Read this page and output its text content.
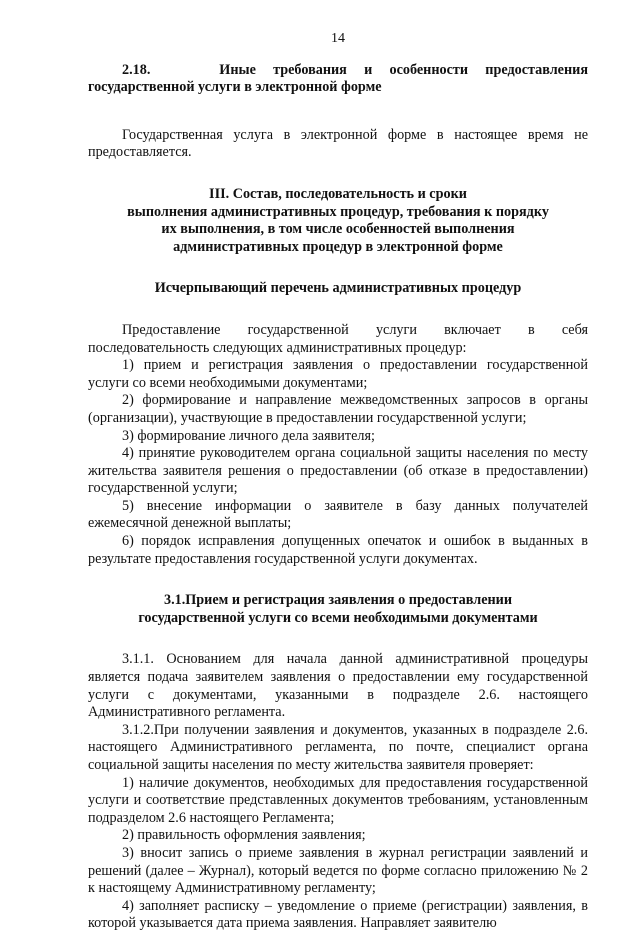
14

2.18.	Иные требования и особенности предоставления государственной услуги в электронной форме

Государственная услуга в электронной форме в настоящее время не предоставляется.

III. Состав, последовательность и сроки

выполнения административных процедур, требования к порядку

их выполнения, в том числе особенностей выполнения

административных процедур в электронной форме

Исчерпывающий перечень административных процедур

Предоставление государственной услуги включает в себя последовательность следующих административных процедур:

1) прием и регистрация заявления о предоставлении государственной услуги со всеми необходимыми документами;

2) формирование и направление межведомственных запросов в органы (организации), участвующие в предоставлении государственной услуги;

3) формирование личного дела заявителя;

4) принятие руководителем органа социальной защиты населения по месту жительства заявителя решения о предоставлении (об отказе в предоставлении) государственной услуги;

5) внесение информации о заявителе в базу данных получателей ежемесячной денежной выплаты;

6) порядок исправления допущенных опечаток и ошибок в выданных в результате предоставления государственной услуги документах.

3.1.Прием и регистрация заявления о предоставлении

государственной услуги со всеми необходимыми документами

3.1.1. Основанием для начала данной административной процедуры является подача заявителем заявления о предоставлении ему государственной услуги с документами, указанными в подразделе 2.6. настоящего Административного регламента.

3.1.2.При получении заявления и документов, указанных в подразделе 2.6. настоящего Административного регламента, по почте, специалист органа социальной защиты населения по месту жительства заявителя проверяет:

1) наличие документов, необходимых для предоставления государственной услуги и соответствие представленных документов требованиям, установленным подразделом 2.6 настоящего Регламента;

2) правильность оформления заявления;

3) вносит запись о приеме заявления в журнал регистрации заявлений и решений (далее – Журнал), который ведется по форме согласно приложению № 2 к настоящему Административному регламенту;

4) заполняет расписку – уведомление о приеме (регистрации) заявления, в которой указывается дата приема заявления. Направляет заявителю
